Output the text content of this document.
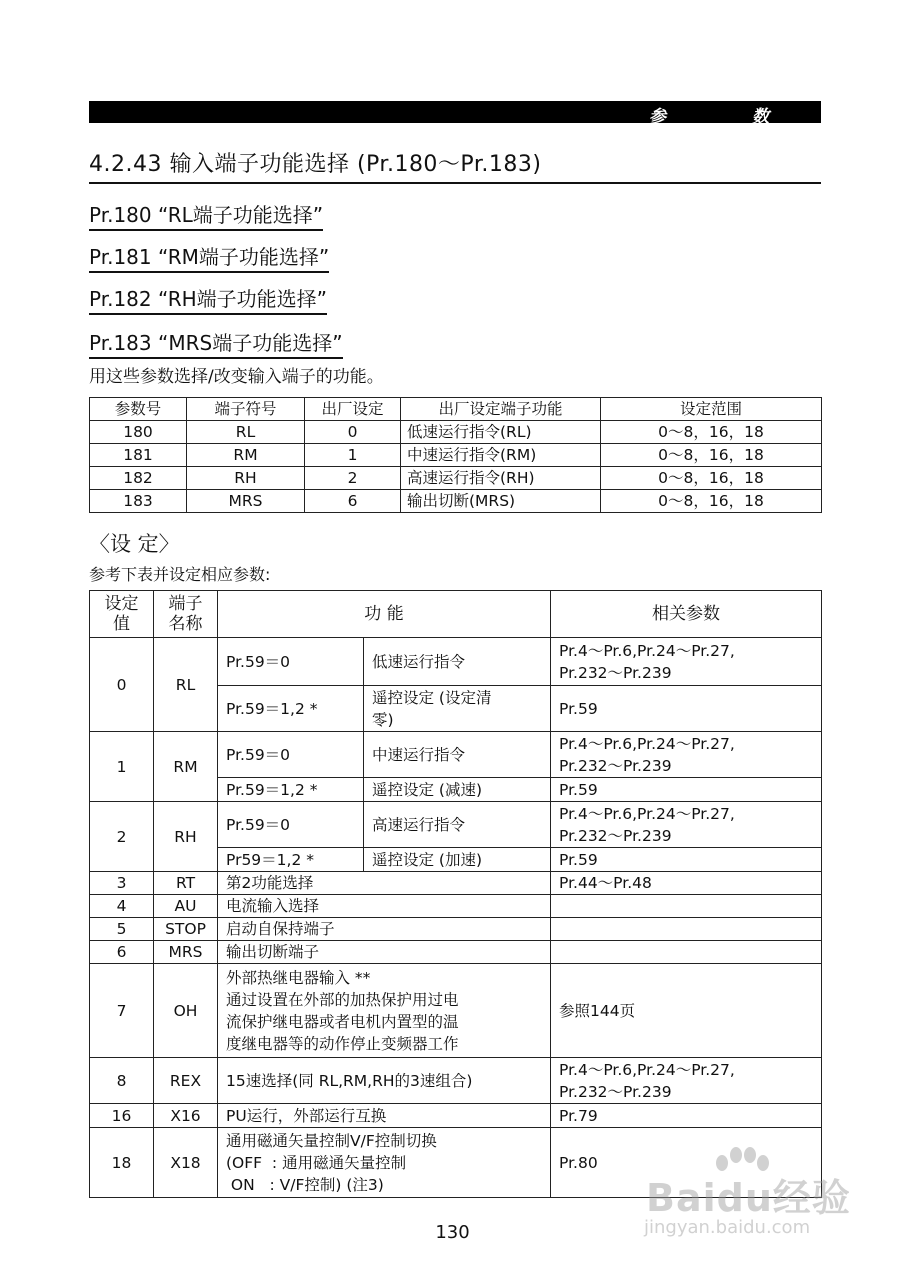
参	数
4.2.43 输入端子功能选择 (Pr.180～Pr.183)
Pr.180 “RL端子功能选择”
Pr.181 “RM端子功能选择”
Pr.182 “RH端子功能选择”
Pr.183 “MRS端子功能选择”
用这些参数选择/改变输入端子的功能。
参数号	端子符号	出厂设定	出厂设定端子功能	设定范围
180	RL	0	低速运行指令(RL)	0～8，16，18
181	RM	1	中速运行指令(RM)	0～8，16，18
182	RH	2	高速运行指令(RH)	0～8，16，18
183	MRS	6	输出切断(MRS)	0～8，16，18
〈设 定〉
参考下表并设定相应参数:
设定
值	端子
名称	功 能		相关参数
0	RL	Pr.59＝0	低速运行指令	Pr.4～Pr.6,Pr.24～Pr.27,
Pr.232～Pr.239
		Pr.59＝1,2 *	遥控设定 (设定清
零)	Pr.59
1	RM	Pr.59＝0	中速运行指令	Pr.4～Pr.6,Pr.24～Pr.27,
Pr.232～Pr.239
		Pr.59＝1,2 *	遥控设定 (减速)	Pr.59
2	RH	Pr.59＝0	高速运行指令	Pr.4～Pr.6,Pr.24～Pr.27,
Pr.232～Pr.239
		Pr59＝1,2 *	遥控设定 (加速)	Pr.59
3	RT	第2功能选择		Pr.44～Pr.48
4	AU	电流输入选择		
5	STOP	启动自保持端子		
6	MRS	输出切断端子		
7	OH	外部热继电器输入 **
通过设置在外部的加热保护用过电
流保护继电器或者电机内置型的温
度继电器等的动作停止变频器工作		参照144页
8	REX	15速选择(同 RL,RM,RH的3速组合)		Pr.4～Pr.6,Pr.24～Pr.27,
Pr.232～Pr.239
16	X16	PU运行，外部运行互换		Pr.79
18	X18	通用磁通矢量控制V/F控制切换
(OFF  : 通用磁通矢量控制
ON   : V/F控制) (注3)		Pr.80
130
Baidu经验
jingyan.baidu.com
